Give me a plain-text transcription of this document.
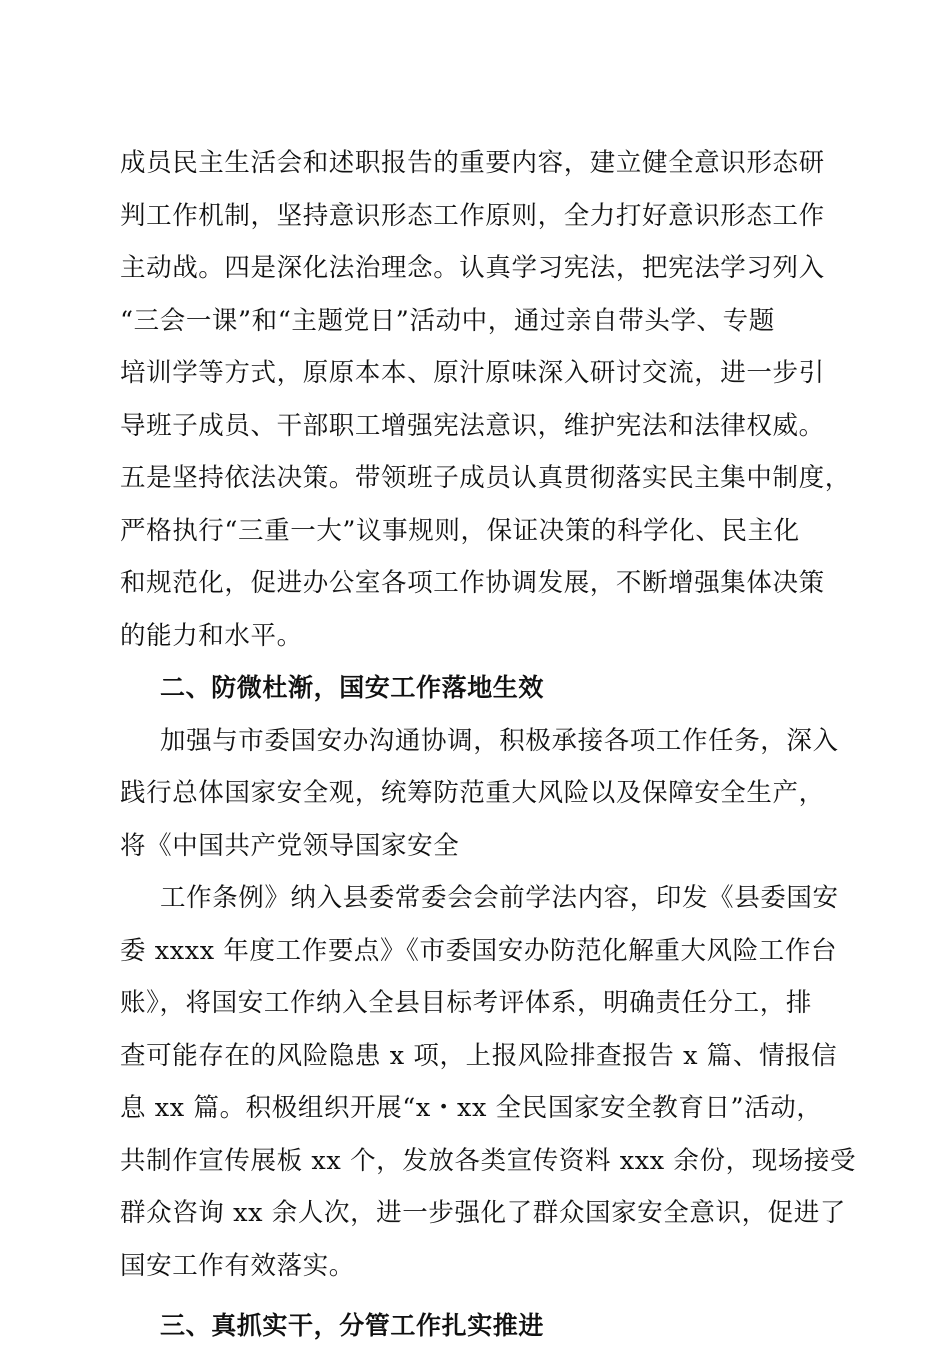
成员民主生活会和述职报告的重要内容，建立健全意识形态研
判工作机制，坚持意识形态工作原则，全力打好意识形态工作
主动战。四是深化法治理念。认真学习宪法，把宪法学习列入
“三会一课”和“主题党日”活动中，通过亲自带头学、专题
培训学等方式，原原本本、原汁原味深入研讨交流，进一步引
导班子成员、干部职工增强宪法意识，维护宪法和法律权威。
五是坚持依法决策。带领班子成员认真贯彻落实民主集中制度，
严格执行“三重一大”议事规则，保证决策的科学化、民主化
和规范化，促进办公室各项工作协调发展，不断增强集体决策
的能力和水平。
二、防微杜渐，国安工作落地生效
加强与市委国安办沟通协调，积极承接各项工作任务，深入
践行总体国家安全观，统筹防范重大风险以及保障安全生产，
将《中国共产党领导国家安全
工作条例》纳入县委常委会会前学法内容，印发《县委国安
委 xxxx 年度工作要点》《市委国安办防范化解重大风险工作台
账》，将国安工作纳入全县目标考评体系，明确责任分工，排
查可能存在的风险隐患 x 项，上报风险排查报告 x 篇、情报信
息 xx 篇。积极组织开展“x・xx 全民国家安全教育日”活动，
共制作宣传展板 xx 个，发放各类宣传资料 xxx 余份，现场接受
群众咨询 xx 余人次，进一步强化了群众国家安全意识，促进了
国安工作有效落实。
三、真抓实干，分管工作扎实推进
